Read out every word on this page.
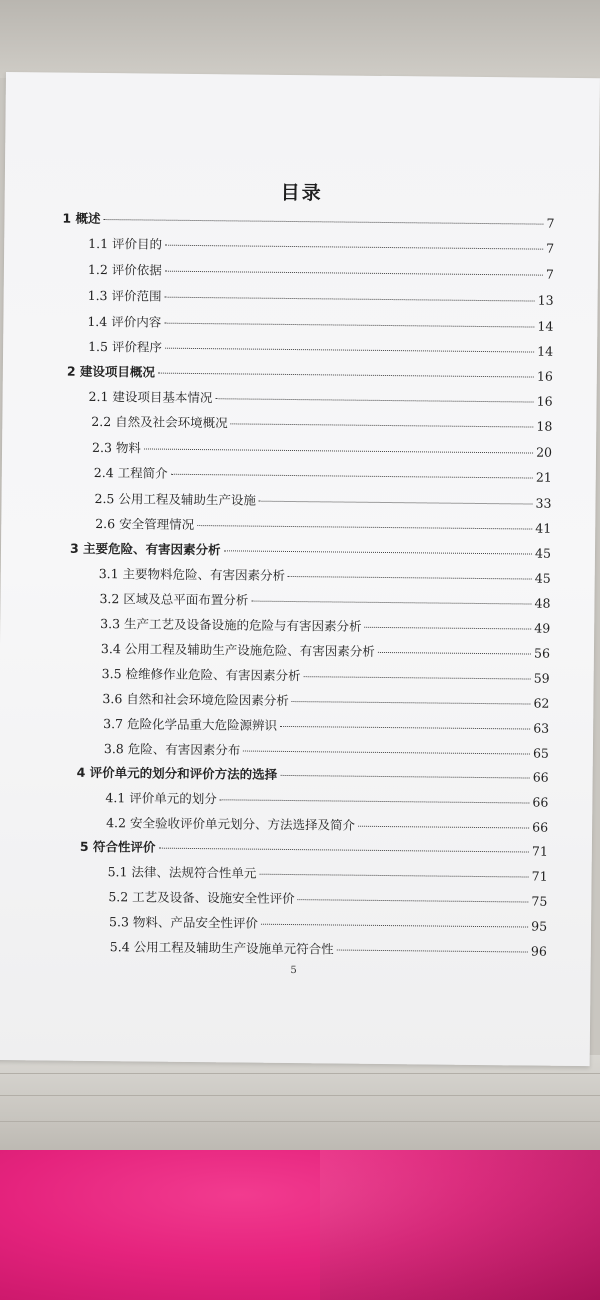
目录
1 概述	7
1.1 评价目的	7
1.2 评价依据	7
1.3 评价范围	13
1.4 评价内容	14
1.5 评价程序	14
2 建设项目概况	16
2.1 建设项目基本情况	16
2.2 自然及社会环境概况	18
2.3 物料	20
2.4 工程简介	21
2.5 公用工程及辅助生产设施	33
2.6 安全管理情况	41
3 主要危险、有害因素分析	45
3.1 主要物料危险、有害因素分析	45
3.2 区域及总平面布置分析	48
3.3 生产工艺及设备设施的危险与有害因素分析	49
3.4 公用工程及辅助生产设施危险、有害因素分析	56
3.5 检维修作业危险、有害因素分析	59
3.6 自然和社会环境危险因素分析	62
3.7 危险化学品重大危险源辨识	63
3.8 危险、有害因素分布	65
4 评价单元的划分和评价方法的选择	66
4.1 评价单元的划分	66
4.2 安全验收评价单元划分、方法选择及简介	66
5 符合性评价	71
5.1 法律、法规符合性单元	71
5.2 工艺及设备、设施安全性评价	75
5.3 物料、产品安全性评价	95
5.4 公用工程及辅助生产设施单元符合性	96
5
